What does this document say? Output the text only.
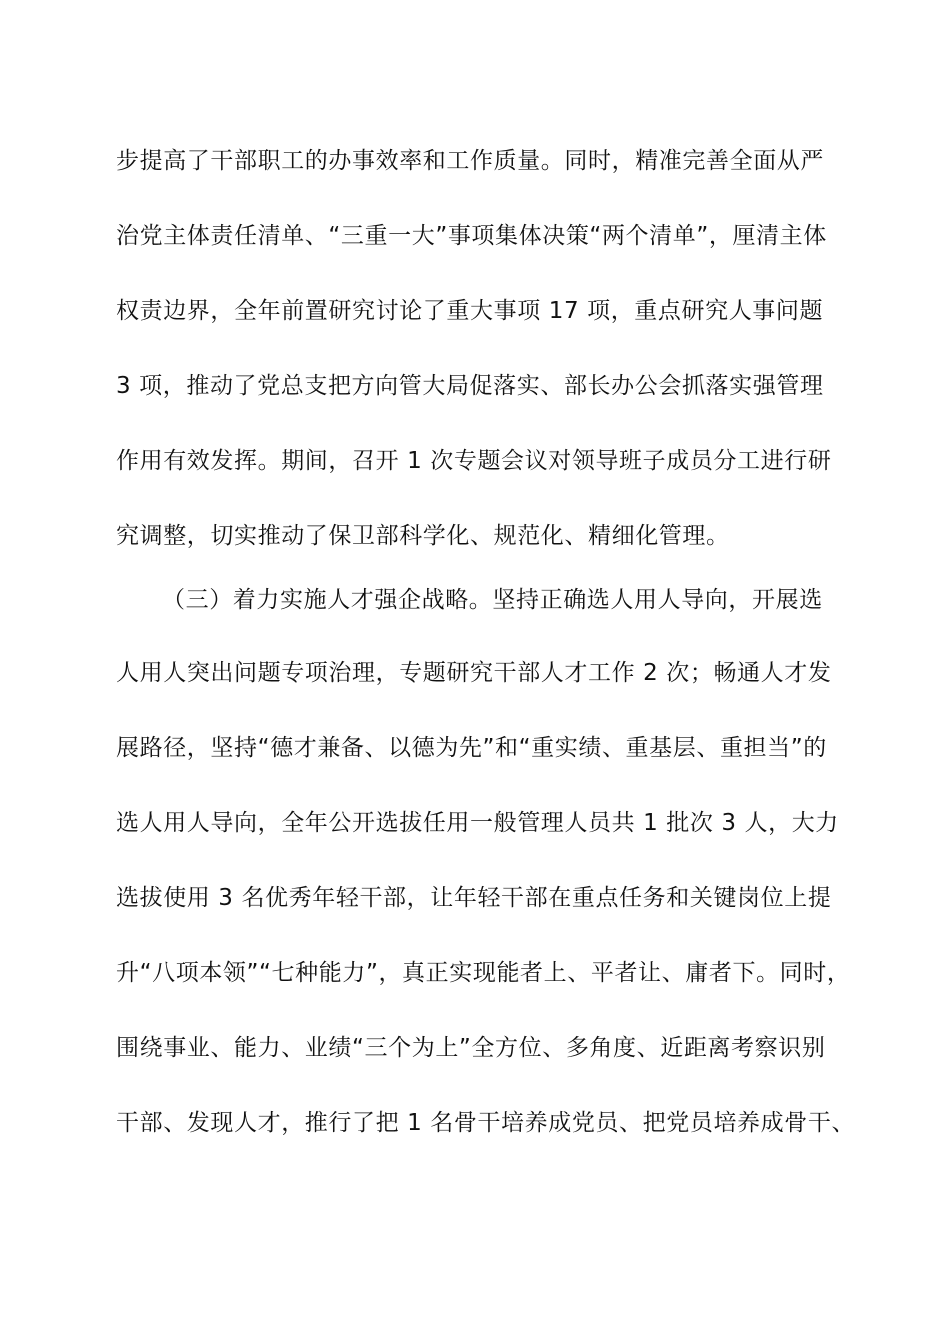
步提高了干部职工的办事效率和工作质量。同时，精准完善全面从严
治党主体责任清单、“三重一大”事项集体决策“两个清单”，厘清主体
权责边界，全年前置研究讨论了重大事项 17 项，重点研究人事问题
3 项，推动了党总支把方向管大局促落实、部长办公会抓落实强管理
作用有效发挥。期间，召开 1 次专题会议对领导班子成员分工进行研
究调整，切实推动了保卫部科学化、规范化、精细化管理。
（三）着力实施人才强企战略。坚持正确选人用人导向，开展选
人用人突出问题专项治理，专题研究干部人才工作 2 次；畅通人才发
展路径，坚持“德才兼备、以德为先”和“重实绩、重基层、重担当”的
选人用人导向，全年公开选拔任用一般管理人员共 1 批次 3 人，大力
选拔使用 3 名优秀年轻干部，让年轻干部在重点任务和关键岗位上提
升“八项本领”“七种能力”，真正实现能者上、平者让、庸者下。同时，
围绕事业、能力、业绩“三个为上”全方位、多角度、近距离考察识别
干部、发现人才，推行了把 1 名骨干培养成党员、把党员培养成骨干、
